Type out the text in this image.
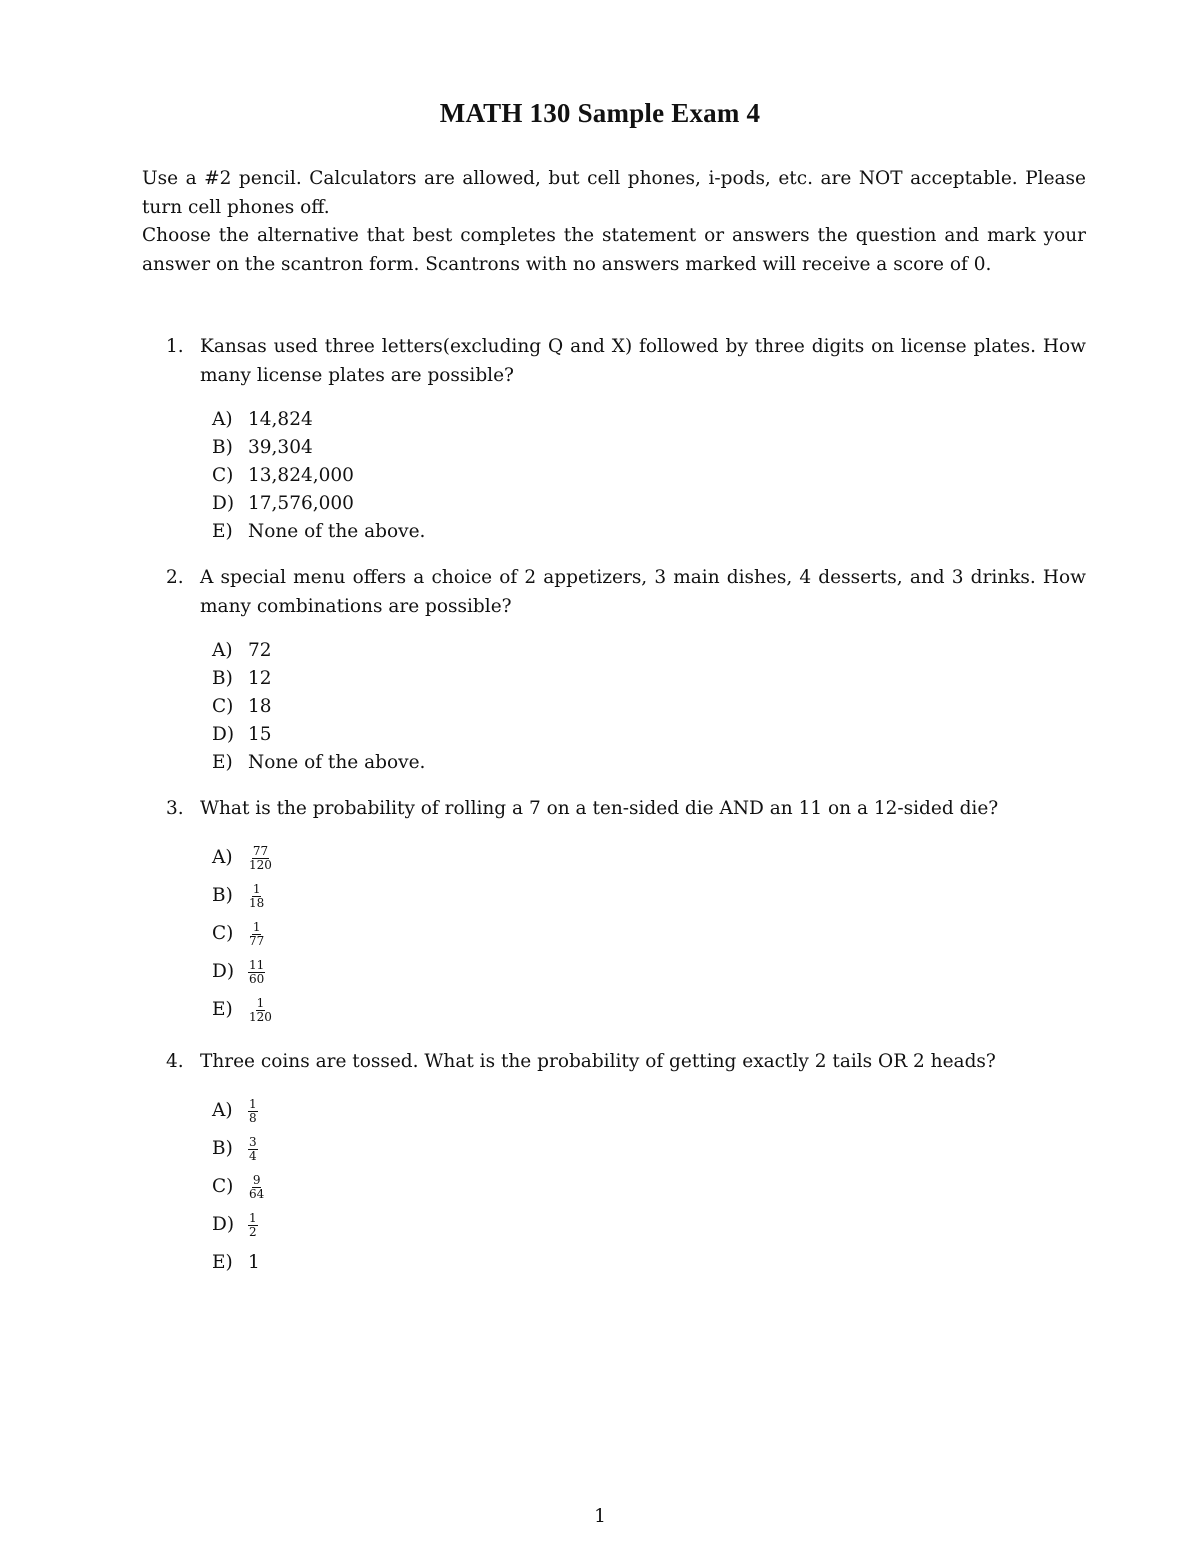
MATH 130 Sample Exam 4

Use a #2 pencil. Calculators are allowed, but cell phones, i-pods, etc. are NOT acceptable. Please turn cell phones off.

Choose the alternative that best completes the statement or answers the question and mark your answer on the scantron form. Scantrons with no answers marked will receive a score of 0.

1. Kansas used three letters(excluding Q and X) followed by three digits on license plates. How many license plates are possible?

A) 14,824
B) 39,304
C) 13,824,000
D) 17,576,000
E) None of the above.
2. A special menu offers a choice of 2 appetizers, 3 main dishes, 4 desserts, and 3 drinks. How many combinations are possible?

A) 72
B) 12
C) 18
D) 15
E) None of the above.
3. What is the probability of rolling a 7 on a ten-sided die AND an 11 on a 12-sided die?

A)	$\frac{77}{120}$
B)	$\frac{1}{18}$
C)	$\frac{1}{77}$
D)	$\frac{11}{60}$
E)	$\frac{1}{120}$
4. Three coins are tossed. What is the probability of getting exactly 2 tails OR 2 heads?

A)	$\frac{1}{8}$
B)	$\frac{3}{4}$
C)	$\frac{9}{64}$
D)	$\frac{1}{2}$
E) 1
1
